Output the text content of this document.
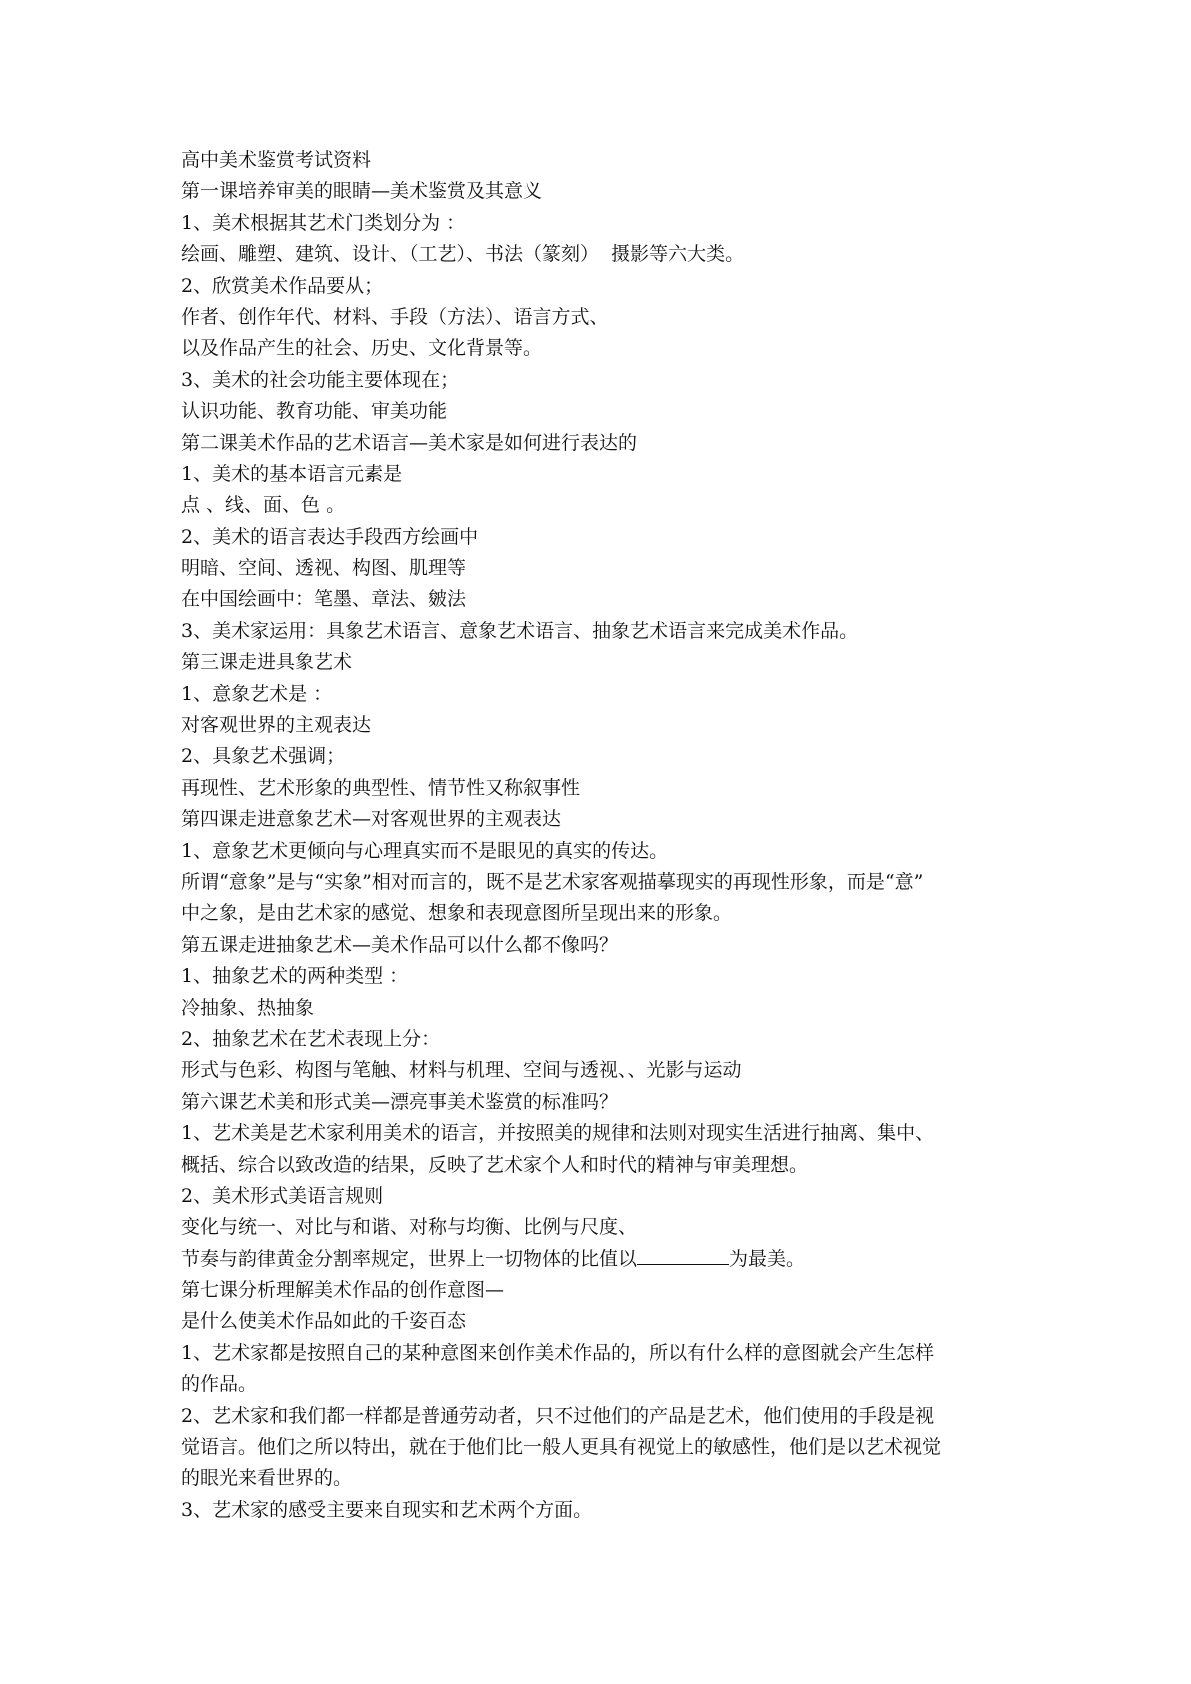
高中美术鉴赏考试资料
第一课培养审美的眼睛—美术鉴赏及其意义
1、美术根据其艺术门类划分为 ：
绘画、雕塑、建筑、设计、（工艺）、书法（篆刻）  摄影等六大类。
2、欣赏美术作品要从；
作者、创作年代、材料、手段（方法）、语言方式、
以及作品产生的社会、历史、文化背景等。
3、美术的社会功能主要体现在；
认识功能、教育功能、审美功能
第二课美术作品的艺术语言—美术家是如何进行表达的
1、美术的基本语言元素是
点 、线、面、色 。
2、美术的语言表达手段西方绘画中
明暗、空间、透视、构图、肌理等
在中国绘画中：笔墨、章法、皴法
3、美术家运用：具象艺术语言、意象艺术语言、抽象艺术语言来完成美术作品。
第三课走进具象艺术
1、意象艺术是 ：
对客观世界的主观表达
2、具象艺术强调；
再现性、艺术形象的典型性、情节性又称叙事性
第四课走进意象艺术—对客观世界的主观表达
1、意象艺术更倾向与心理真实而不是眼见的真实的传达。
所谓“意象”是与“实象”相对而言的，既不是艺术家客观描摹现实的再现性形象，而是“意”
中之象，是由艺术家的感觉、想象和表现意图所呈现出来的形象。
第五课走进抽象艺术—美术作品可以什么都不像吗？
1、抽象艺术的两种类型 ：
冷抽象、热抽象
2、抽象艺术在艺术表现上分：
形式与色彩、构图与笔触、材料与机理、空间与透视、、光影与运动
第六课艺术美和形式美—漂亮事美术鉴赏的标准吗？
1、艺术美是艺术家利用美术的语言，并按照美的规律和法则对现实生活进行抽离、集中、
概括、综合以致改造的结果，反映了艺术家个人和时代的精神与审美理想。
2、美术形式美语言规则
变化与统一、对比与和谐、对称与均衡、比例与尺度、
节奏与韵律黄金分割率规定，世界上一切物体的比值以	为最美。
第七课分析理解美术作品的创作意图—
是什么使美术作品如此的千姿百态
1、艺术家都是按照自己的某种意图来创作美术作品的，所以有什么样的意图就会产生怎样
的作品。
2、艺术家和我们都一样都是普通劳动者，只不过他们的产品是艺术，他们使用的手段是视
觉语言。他们之所以特出，就在于他们比一般人更具有视觉上的敏感性，他们是以艺术视觉
的眼光来看世界的。
3、艺术家的感受主要来自现实和艺术两个方面。
